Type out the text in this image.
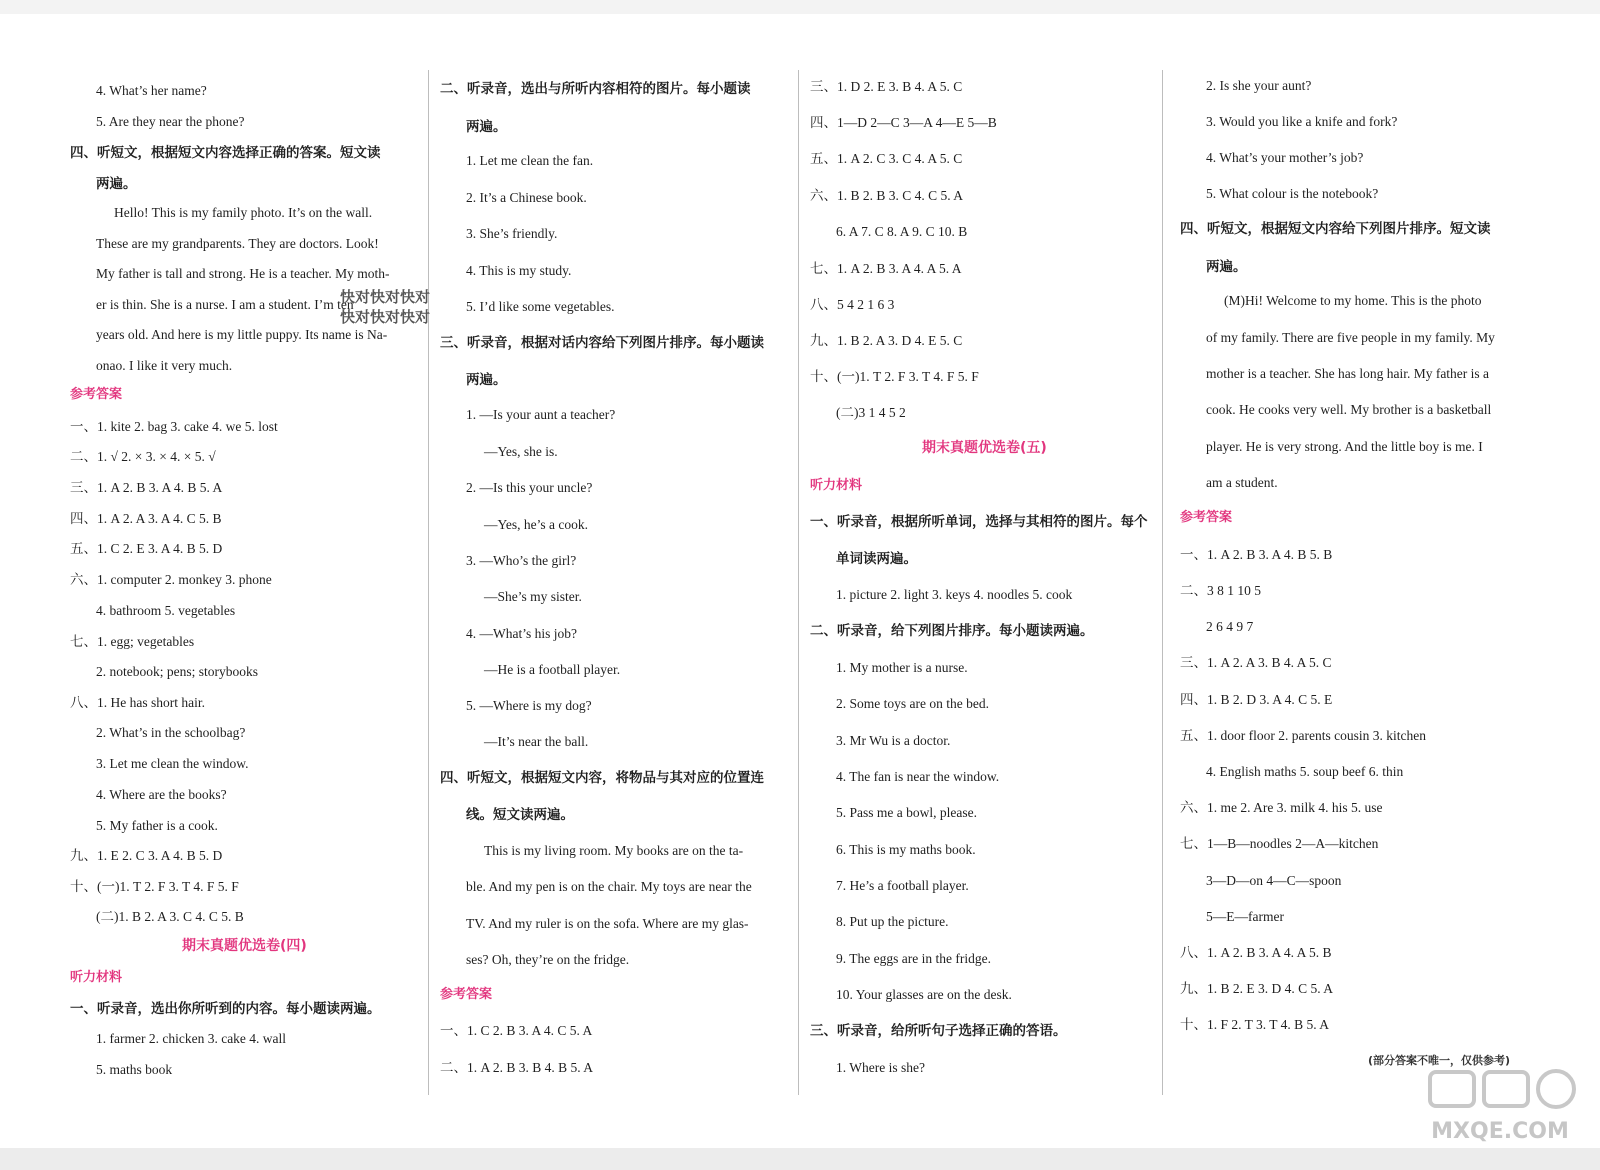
4. What’s her name?
5. Are they near the phone?
四、听短文，根据短文内容选择正确的答案。短文读
两遍。
Hello! This is my family photo. It’s on the wall.
These are my grandparents. They are doctors. Look!
My father is tall and strong. He is a teacher. My moth-
er is thin. She is a nurse. I am a student. I’m ten
years old. And here is my little puppy. Its name is Na-
onao. I like it very much.
参考答案
一、1. kite 2. bag 3. cake 4. we 5. lost
二、1. √ 2. × 3. × 4. × 5. √
三、1. A 2. B 3. A 4. B 5. A
四、1. A 2. A 3. A 4. C 5. B
五、1. C 2. E 3. A 4. B 5. D
六、1. computer 2. monkey 3. phone
4. bathroom 5. vegetables
七、1. egg; vegetables
2. notebook; pens; storybooks
八、1. He has short hair.
2. What’s in the schoolbag?
3. Let me clean the window.
4. Where are the books?
5. My father is a cook.
九、1. E 2. C 3. A 4. B 5. D
十、(一)1. T 2. F 3. T 4. F 5. F
(二)1. B 2. A 3. C 4. C 5. B
期末真题优选卷(四)
听力材料
一、听录音，选出你所听到的内容。每小题读两遍。
1. farmer 2. chicken 3. cake 4. wall
5. maths book
二、听录音，选出与所听内容相符的图片。每小题读
两遍。
1. Let me clean the fan.
2. It’s a Chinese book.
3. She’s friendly.
4. This is my study.
5. I’d like some vegetables.
三、听录音，根据对话内容给下列图片排序。每小题读
两遍。
1. —Is your aunt a teacher?
—Yes, she is.
2. —Is this your uncle?
—Yes, he’s a cook.
3. —Who’s the girl?
—She’s my sister.
4. —What’s his job?
—He is a football player.
5. —Where is my dog?
—It’s near the ball.
四、听短文，根据短文内容，将物品与其对应的位置连
线。短文读两遍。
This is my living room. My books are on the ta-
ble. And my pen is on the chair. My toys are near the
TV. And my ruler is on the sofa. Where are my glas-
ses? Oh, they’re on the fridge.
参考答案
一、1. C 2. B 3. A 4. C 5. A
二、1. A 2. B 3. B 4. B 5. A
三、1. D 2. E 3. B 4. A 5. C
四、1—D 2—C 3—A 4—E 5—B
五、1. A 2. C 3. C 4. A 5. C
六、1. B 2. B 3. C 4. C 5. A
6. A 7. C 8. A 9. C 10. B
七、1. A 2. B 3. A 4. A 5. A
八、5 4 2 1 6 3
九、1. B 2. A 3. D 4. E 5. C
十、(一)1. T 2. F 3. T 4. F 5. F
(二)3 1 4 5 2
期末真题优选卷(五)
听力材料
一、听录音，根据所听单词，选择与其相符的图片。每个
单词读两遍。
1. picture 2. light 3. keys 4. noodles 5. cook
二、听录音，给下列图片排序。每小题读两遍。
1. My mother is a nurse.
2. Some toys are on the bed.
3. Mr Wu is a doctor.
4. The fan is near the window.
5. Pass me a bowl, please.
6. This is my maths book.
7. He’s a football player.
8. Put up the picture.
9. The eggs are in the fridge.
10. Your glasses are on the desk.
三、听录音，给所听句子选择正确的答语。
1. Where is she?
2. Is she your aunt?
3. Would you like a knife and fork?
4. What’s your mother’s job?
5. What colour is the notebook?
四、听短文，根据短文内容给下列图片排序。短文读
两遍。
(M)Hi! Welcome to my home. This is the photo
of my family. There are five people in my family. My
mother is a teacher. She has long hair. My father is a
cook. He cooks very well. My brother is a basketball
player. He is very strong. And the little boy is me. I
am a student.
参考答案
一、1. A 2. B 3. A 4. B 5. B
二、3 8 1 10 5
2 6 4 9 7
三、1. A 2. A 3. B 4. A 5. C
四、1. B 2. D 3. A 4. C 5. E
五、1. door floor 2. parents cousin 3. kitchen
4. English maths 5. soup beef 6. thin
六、1. me 2. Are 3. milk 4. his 5. use
七、1—B—noodles 2—A—kitchen
3—D—on 4—C—spoon
5—E—farmer
八、1. A 2. B 3. A 4. A 5. B
九、1. B 2. E 3. D 4. C 5. A
十、1. F 2. T 3. T 4. B 5. A
快对快对快对
快对快对快对
(部分答案不唯一，仅供参考)
MXQE.COM
